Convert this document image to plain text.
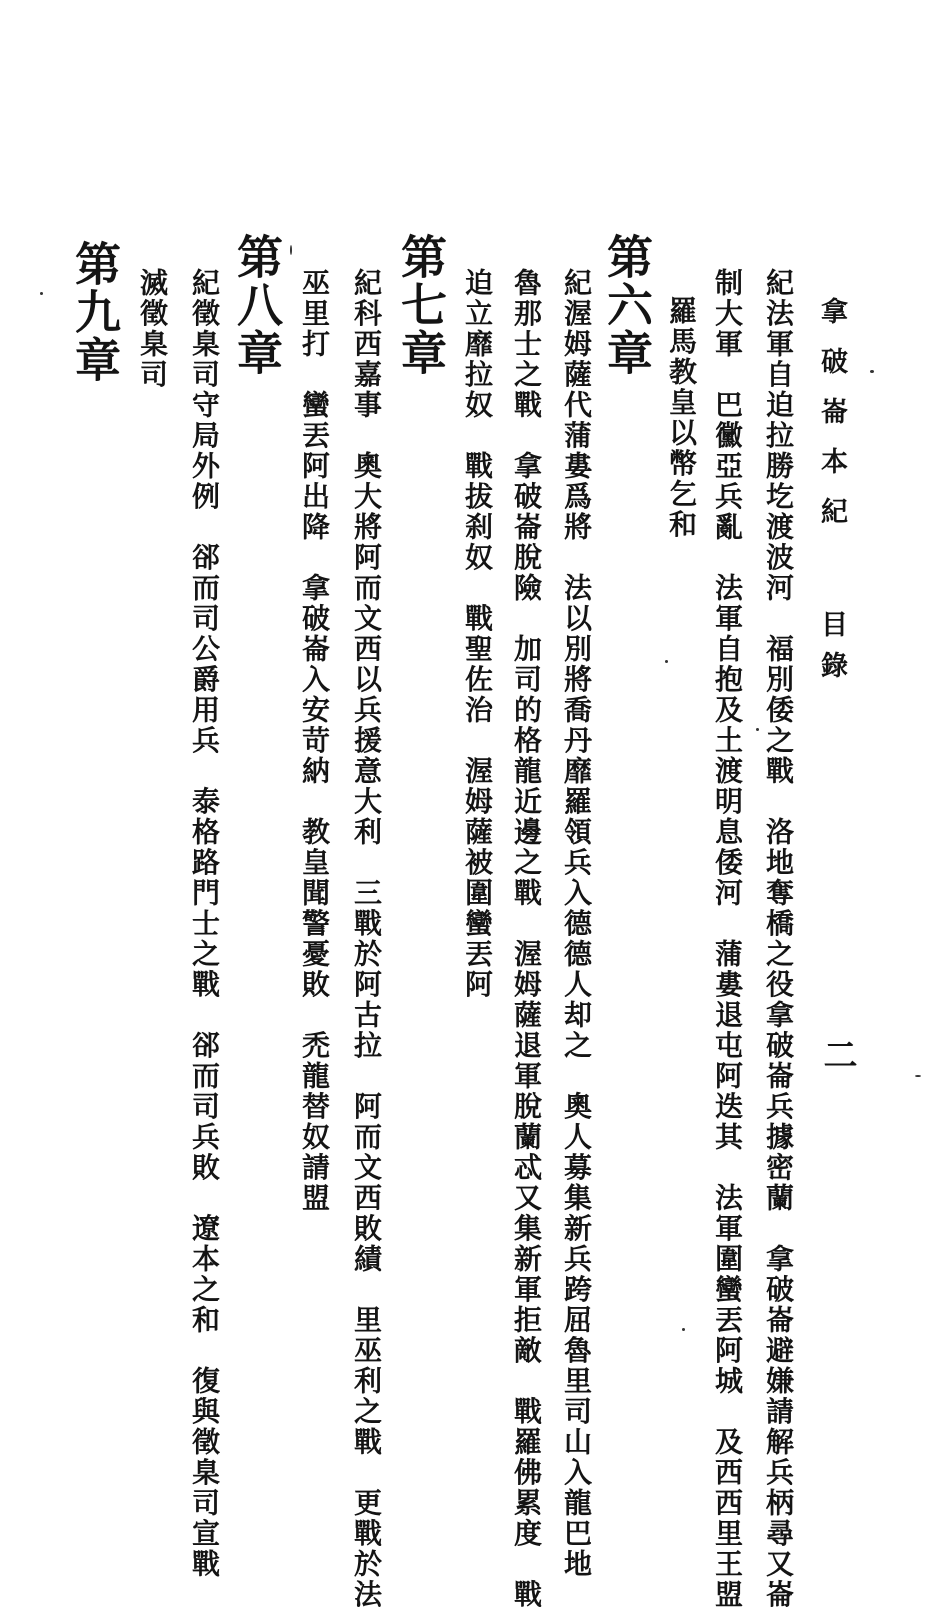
拿破崙本紀
目錄
二
紀法軍自迫拉勝圪渡波河　福別倭之戰　洛地奪橋之役拿破崙兵據密蘭　拿破崙避嫌請解兵柄尋又崙
制大軍　巴黴亞兵亂　法軍自抱及土渡明息倭河　蒲婁退屯阿迭其　法軍圍蠻丟阿城　及西西里王盟
羅馬教皇以幣乞和
第六章
紀渥姆薩代蒲婁爲將　法以別將喬丹靡羅領兵入德德人却之　奧人募集新兵跨屈魯里司山入龍巴地
魯那士之戰　拿破崙脫險　加司的格龍近邊之戰　渥姆薩退軍脫蘭忒又集新軍拒敵　戰羅佛累度　戰
迫立靡拉奴　戰拔刹奴　戰聖佐治　渥姆薩被圍蠻丟阿
第七章
紀科西嘉事　奧大將阿而文西以兵援意大利　三戰於阿古拉　阿而文西敗績　里巫利之戰　更戰於法
巫里打　蠻丟阿出降　拿破崙入安苛納　教皇聞警憂敗　禿龍替奴請盟
第八章
紀徵臬司守局外例　郤而司公爵用兵　泰格路門士之戰　郤而司兵敗　遼本之和　復與徵臬司宣戰
滅徵臬司
第九章
